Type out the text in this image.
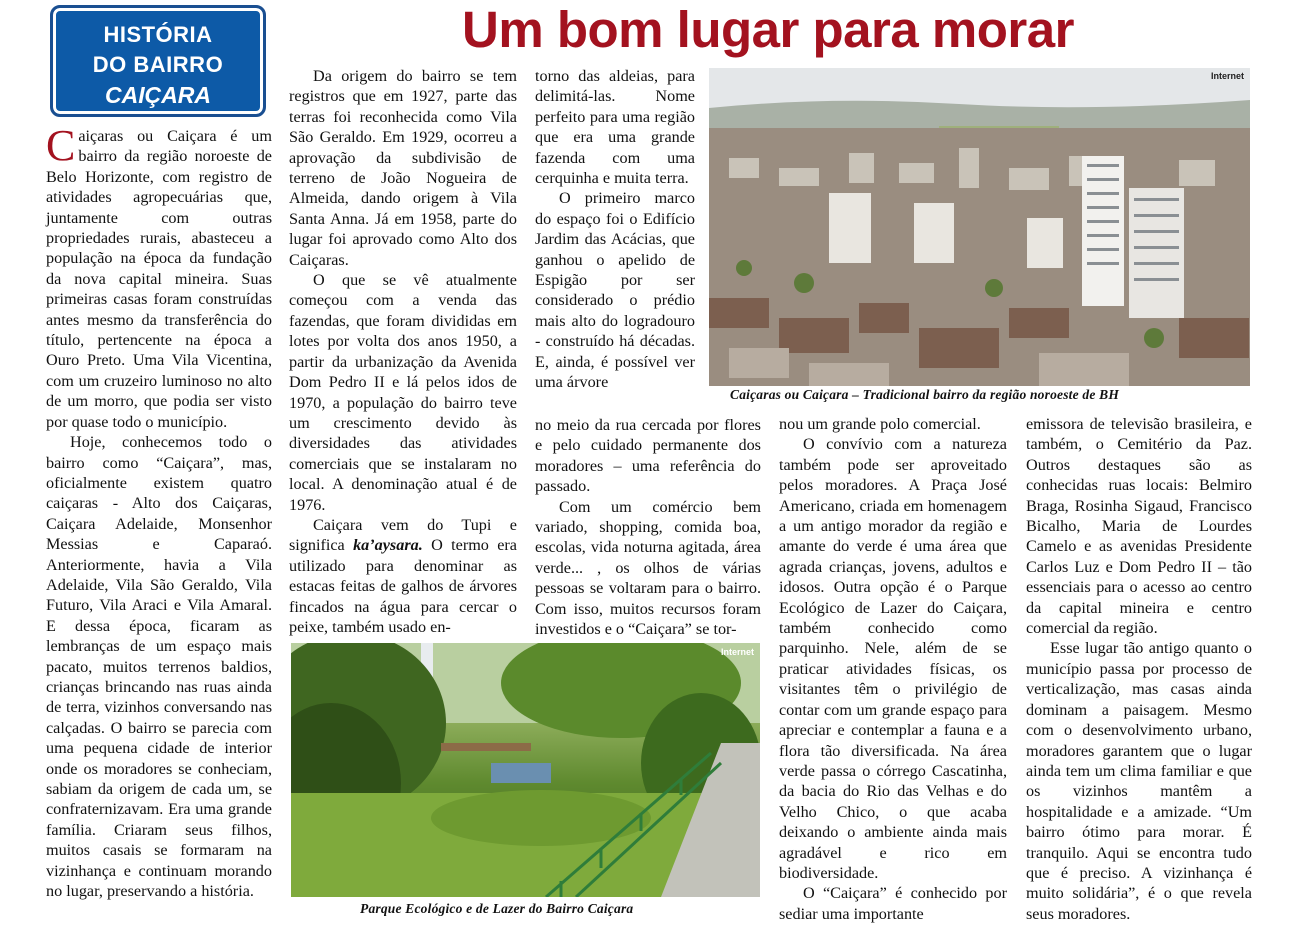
HISTÓRIA
DO BAIRRO
CAIÇARA
Um bom lugar para morar

Caiçaras ou Caiçara é um bairro da região noroeste de Belo Horizonte, com registro de atividades agropecuárias que, juntamente com outras propriedades rurais, abasteceu a população na época da fundação da nova capital mineira. Suas primeiras casas foram construídas antes mesmo da transferência do título, pertencente na época a Ouro Preto. Uma Vila Vicentina, com um cruzeiro luminoso no alto de um morro, que podia ser visto por quase todo o município.

Hoje, conhecemos todo o bairro como “Caiçara”, mas, oficialmente existem quatro caiçaras - Alto dos Caiçaras, Caiçara Adelaide, Monsenhor Messias e Caparaó. Anteriormente, havia a Vila Adelaide, Vila São Geraldo, Vila Futuro, Vila Araci e Vila Amaral. E dessa época, ficaram as lembranças de um espaço mais pacato, muitos terrenos baldios, crianças brincando nas ruas ainda de terra, vizinhos conversando nas calçadas. O bairro se parecia com uma pequena cidade de interior onde os moradores se conheciam, sabiam da origem de cada um, se confraternizavam. Era uma grande família. Criaram seus filhos, muitos casais se formaram na vizinhança e continuam morando no lugar, preservando a história.

Da origem do bairro se tem registros que em 1927, parte das terras foi reconhecida como Vila São Geraldo. Em 1929, ocorreu a aprovação da subdivisão de terreno de João Nogueira de Almeida, dando origem à Vila Santa Anna. Já em 1958, parte do lugar foi aprovado como Alto dos Caiçaras.

O que se vê atualmente começou com a venda das fazendas, que foram divididas em lotes por volta dos anos 1950, a partir da urbanização da Avenida Dom Pedro II e lá pelos idos de 1970, a população do bairro teve um crescimento devido às diversidades das atividades comerciais que se instalaram no local. A denominação atual é de 1976.

Caiçara vem do Tupi e significa ka’aysara. O termo era utilizado para denominar as estacas feitas de galhos de árvores fincados na água para cercar o peixe, também usado en-

torno das aldeias, para delimitá-las. Nome perfeito para uma região que era uma grande fazenda com uma cerquinha e muita terra.

O primeiro marco do espaço foi o Edifício Jardim das Acácias, que ganhou o apelido de Espigão por ser considerado o prédio mais alto do logradouro - construído há décadas. E, ainda, é possível ver uma árvore

no meio da rua cercada por flores e pelo cuidado permanente dos moradores – uma referência do passado.

Com um comércio bem variado, shopping, comida boa, escolas, vida noturna agitada, área verde... , os olhos de várias pessoas se voltaram para o bairro. Com isso, muitos recursos foram investidos e o “Caiçara” se tor-

nou um grande polo comercial.

O convívio com a natureza também pode ser aproveitado pelos moradores. A Praça José Americano, criada em homenagem a um antigo morador da região e amante do verde é uma área que agrada crianças, jovens, adultos e idosos. Outra opção é o Parque Ecológico de Lazer do Caiçara, também conhecido como parquinho. Nele, além de se praticar atividades físicas, os visitantes têm o privilégio de contar com um grande espaço para apreciar e contemplar a fauna e a flora tão diversificada. Na área verde passa o córrego Cascatinha, da bacia do Rio das Velhas e do Velho Chico, o que acaba deixando o ambiente ainda mais agradável e rico em biodiversidade.

O “Caiçara” é conhecido por sediar uma importante

emissora de televisão brasileira, e também, o Cemitério da Paz. Outros destaques são as conhecidas ruas locais: Belmiro Braga, Rosinha Sigaud, Francisco Bicalho, Maria de Lourdes Camelo e as avenidas Presidente Carlos Luz e Dom Pedro II – tão essenciais para o acesso ao centro da capital mineira e centro comercial da região.

Esse lugar tão antigo quanto o município passa por processo de verticalização, mas casas ainda dominam a paisagem. Mesmo com o desenvolvimento urbano, moradores garantem que o lugar ainda tem um clima familiar e que os vizinhos mantêm a hospitalidade e a amizade. “Um bairro ótimo para morar. É tranquilo. Aqui se encontra tudo que é preciso. A vizinhança é muito solidária”, é o que revela seus moradores.

Internet
Caiçaras ou Caiçara – Tradicional bairro da região noroeste de BH
Internet
Parque Ecológico e de Lazer do Bairro Caiçara
